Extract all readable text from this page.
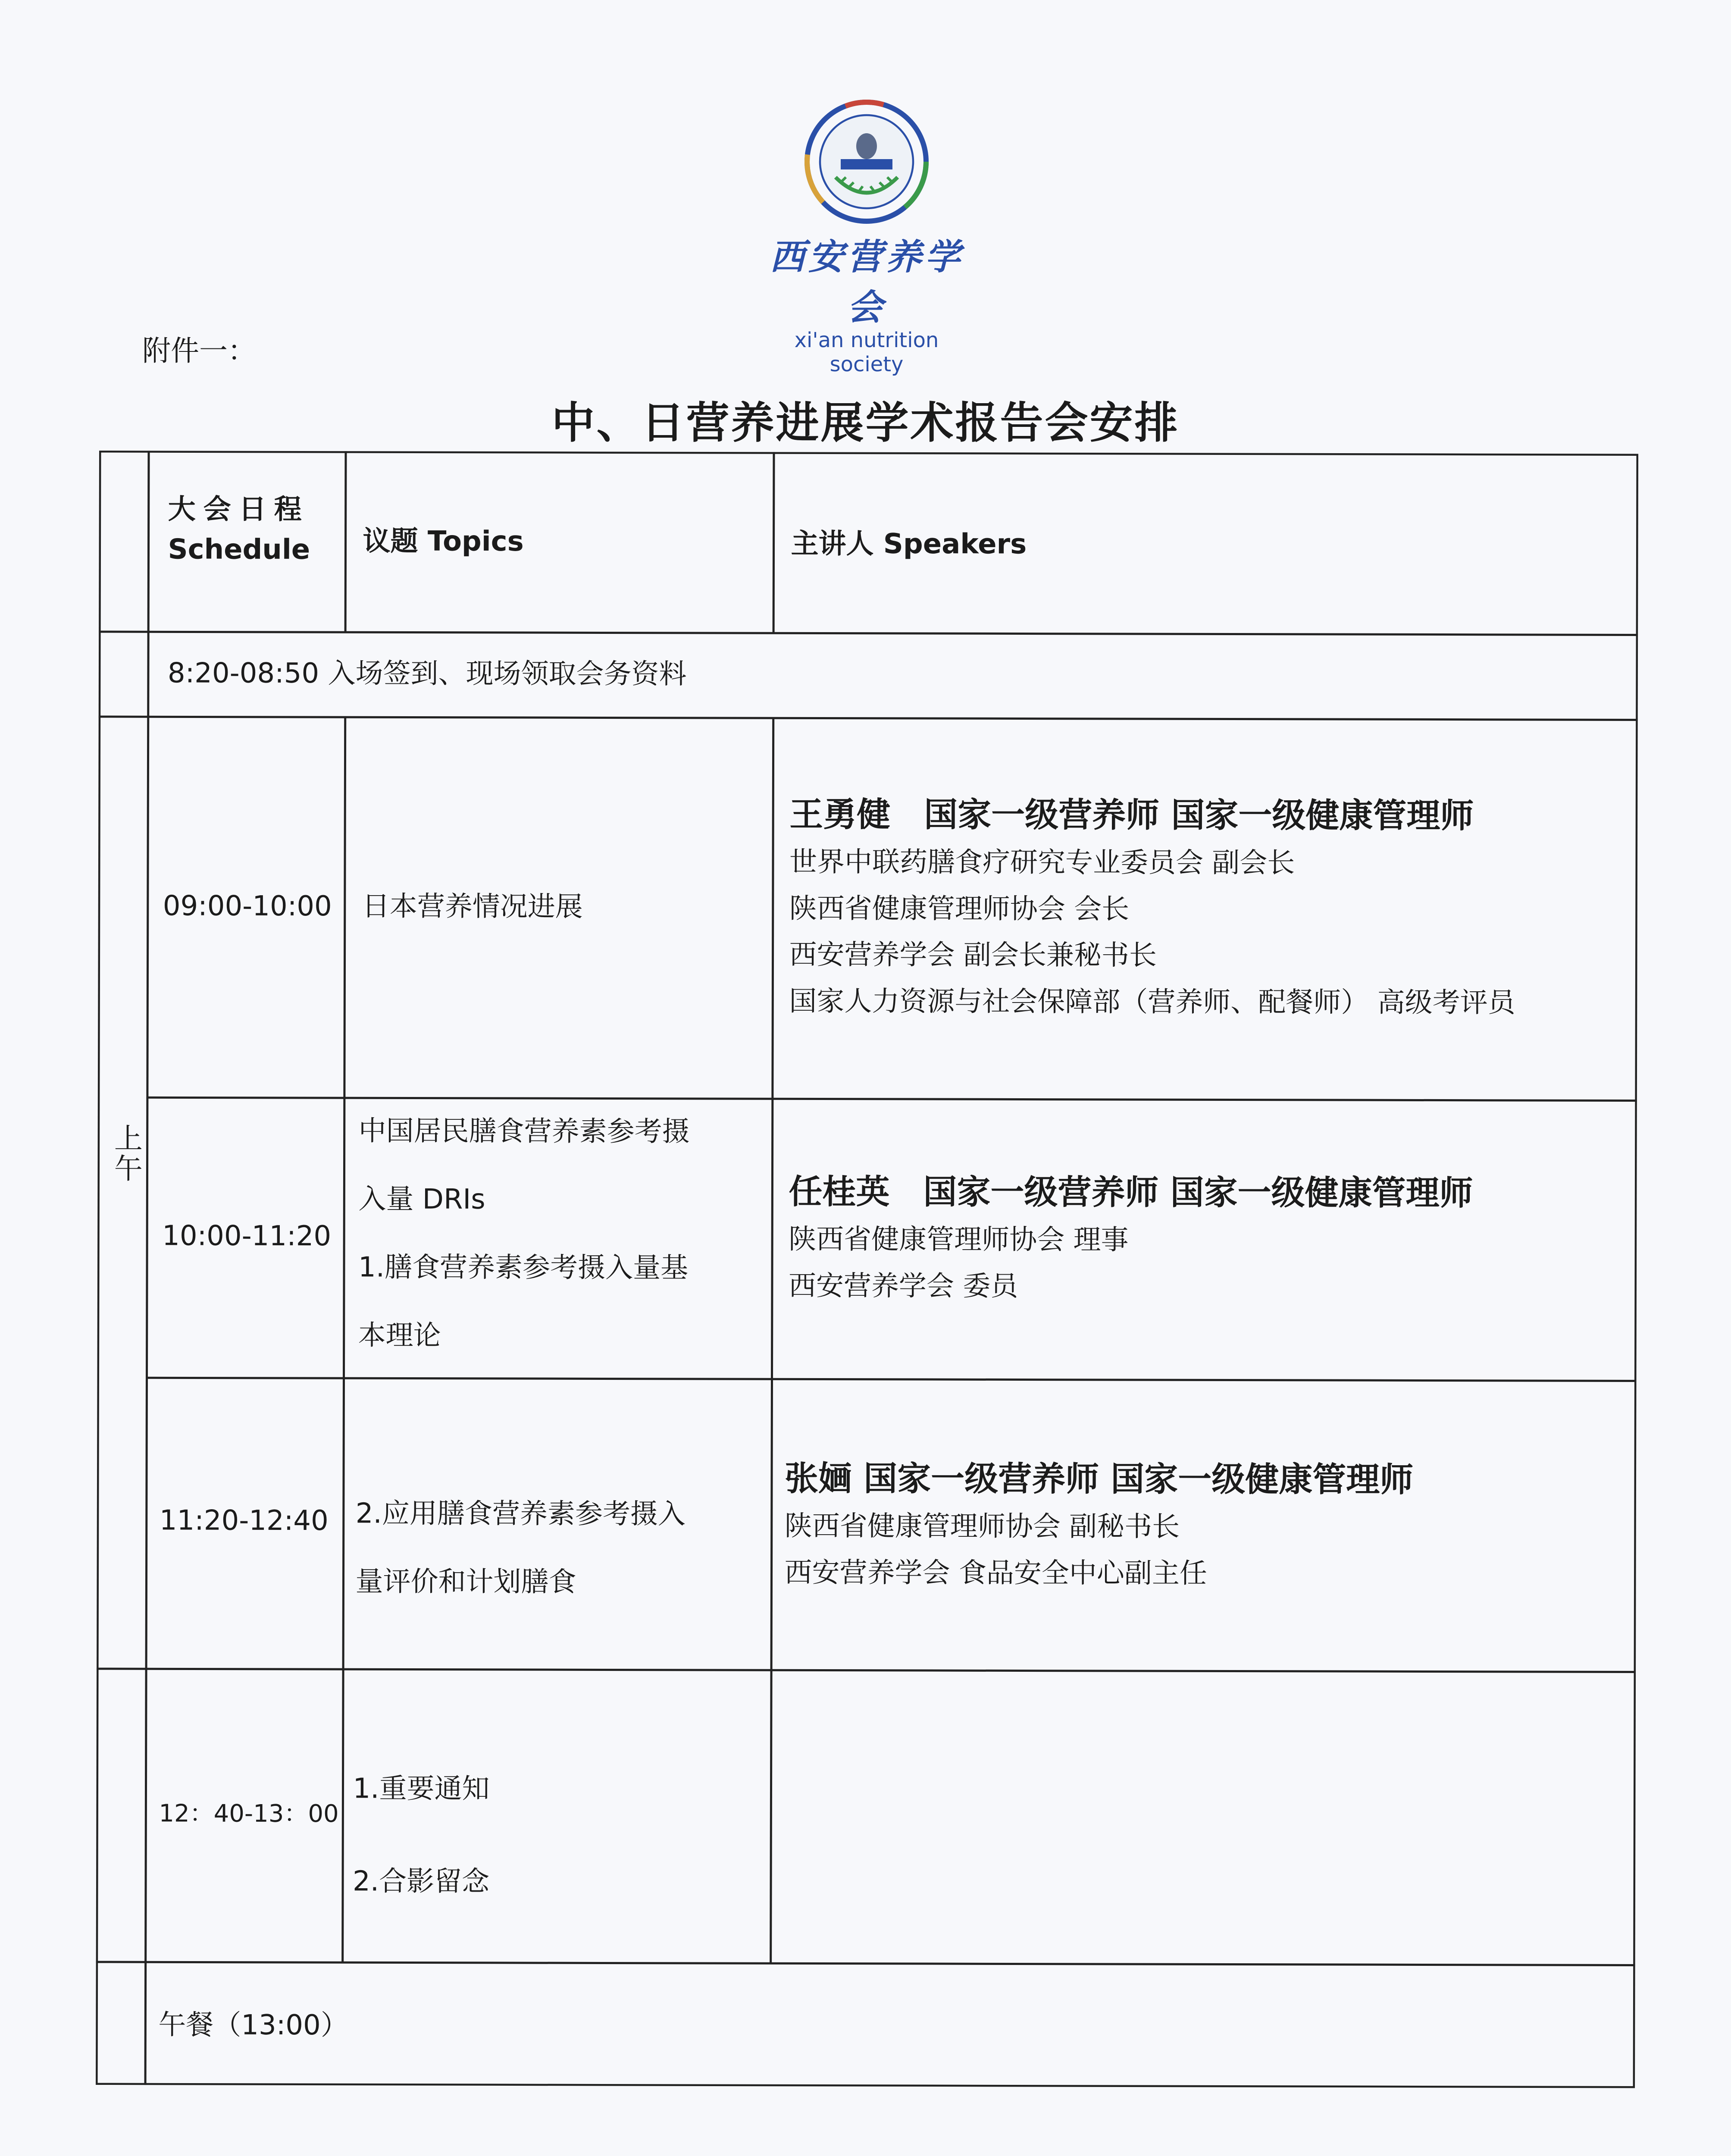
西安营养学会
xi'an nutrition society
附件一：
中、日营养进展学术报告会安排
大会日程
Schedule 议题 Topics	主讲人 Speakers
8:20-08:50 入场签到、现场领取会务资料
上午
09:00-10:00 日本营养情况进展
王勇健　国家一级营养师 国家一级健康管理师
世界中联药膳食疗研究专业委员会 副会长
陕西省健康管理师协会 会长
西安营养学会 副会长兼秘书长
国家人力资源与社会保障部（营养师、配餐师） 高级考评员
10:00-11:20
中国居民膳食营养素参考摄
入量 DRIs
1.膳食营养素参考摄入量基
本理论
任桂英　国家一级营养师 国家一级健康管理师
陕西省健康管理师协会 理事
西安营养学会 委员
11:20-12:40 2.应用膳食营养素参考摄入
量评价和计划膳食
张婳 国家一级营养师 国家一级健康管理师
陕西省健康管理师协会 副秘书长
西安营养学会 食品安全中心副主任
12：40-13：00
1.重要通知
2.合影留念
午餐（13:00）
